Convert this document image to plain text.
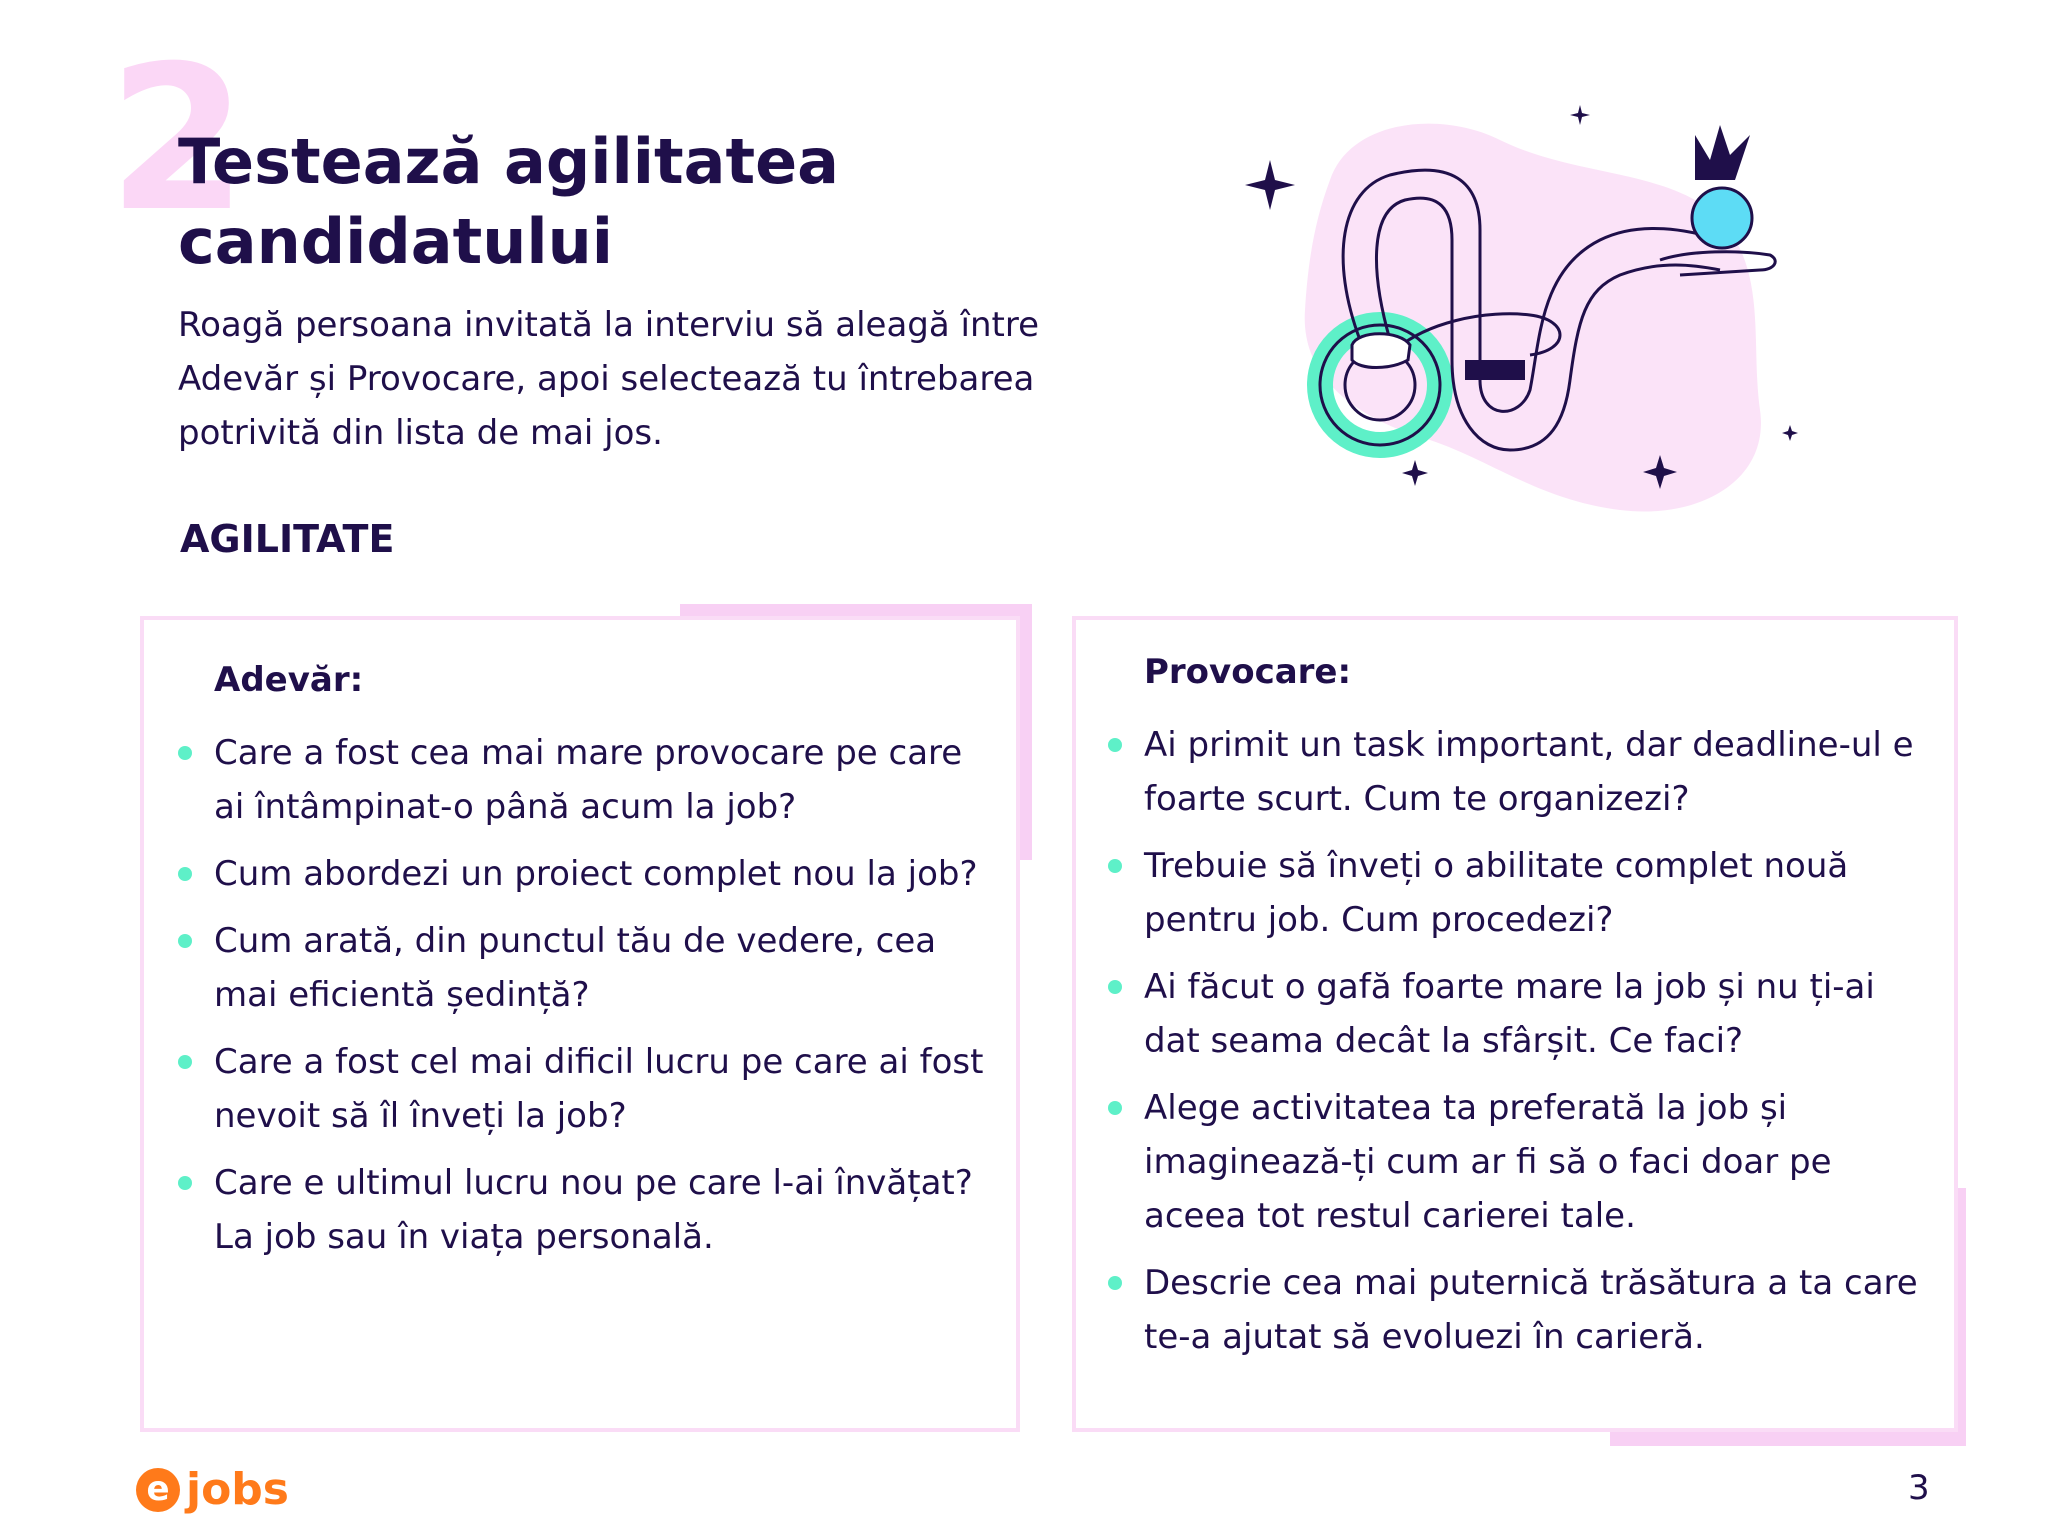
2
Testează agilitatea candidatului

Roagă persoana invitată la interviu să aleagă între Adevăr și Provocare, apoi selectează tu întrebarea potrivită din lista de mai jos.

AGILITATE
Adevăr:
Care a fost cea mai mare provocare pe care ai întâmpinat-o până acum la job?
Cum abordezi un proiect complet nou la job?
Cum arată, din punctul tău de vedere, cea mai eficientă ședință?
Care a fost cel mai dificil lucru pe care ai fost nevoit să îl înveți la job?
Care e ultimul lucru nou pe care l-ai învățat? La job sau în viața personală.
Provocare:
Ai primit un task important, dar deadline-ul e foarte scurt. Cum te organizezi?
Trebuie să înveți o abilitate complet nouă pentru job. Cum procedezi?
Ai făcut o gafă foarte mare la job și nu ți-ai dat seama decât la sfârșit. Ce faci?
Alege activitatea ta preferată la job și imaginează-ți cum ar fi să o faci doar pe aceea tot restul carierei tale.
Descrie cea mai puternică trăsătura a ta care te-a ajutat să evoluezi în carieră.
e jobs	3
